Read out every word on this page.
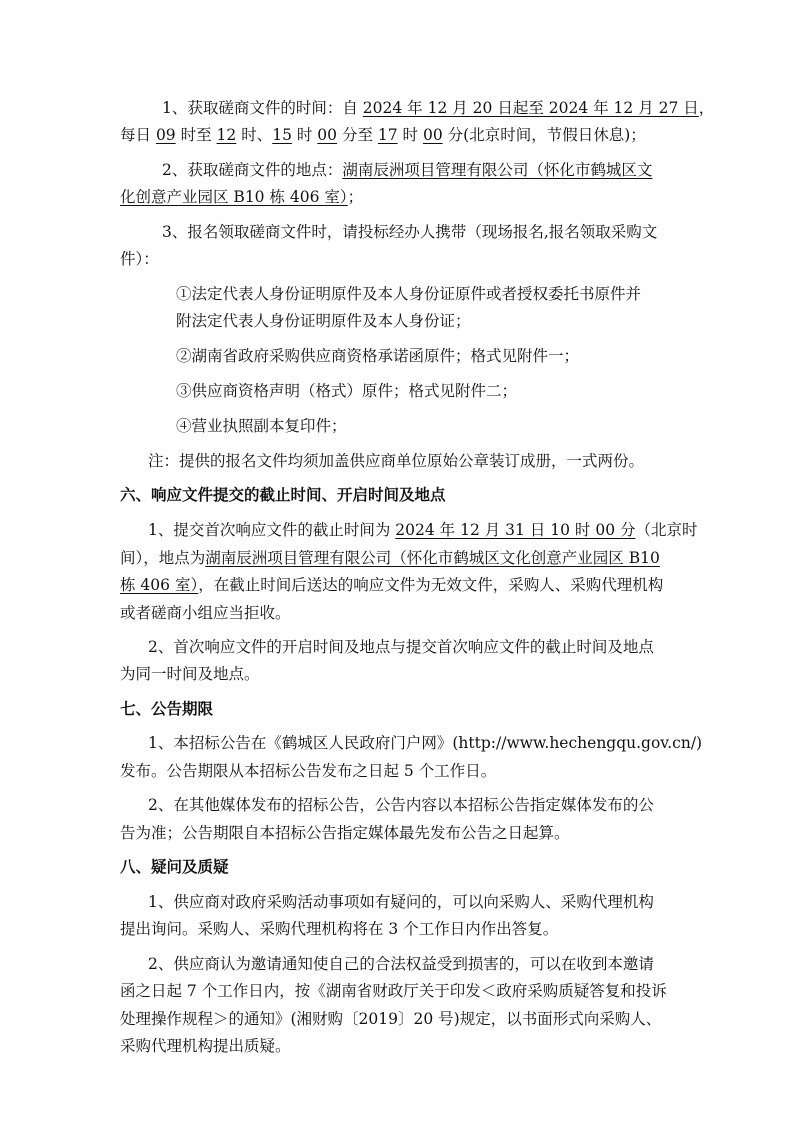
1、获取磋商文件的时间：自 2024 年 12 月 20 日起至 2024 年 12 月 27 日，
每日 09 时至 12 时、15 时 00 分至 17 时 00 分(北京时间，节假日休息)；
2、获取磋商文件的地点：湖南辰洲项目管理有限公司（怀化市鹤城区文
化创意产业园区 B10 栋 406 室）；
3、报名领取磋商文件时，请投标经办人携带（现场报名,报名领取采购文
件）：
①法定代表人身份证明原件及本人身份证原件或者授权委托书原件并
附法定代表人身份证明原件及本人身份证；
②湖南省政府采购供应商资格承诺函原件；格式见附件一；
③供应商资格声明（格式）原件；格式见附件二；
④营业执照副本复印件；
注：提供的报名文件均须加盖供应商单位原始公章装订成册，一式两份。
六、响应文件提交的截止时间、开启时间及地点
1、提交首次响应文件的截止时间为 2024 年 12 月 31 日 10 时 00 分（北京时
间），地点为湖南辰洲项目管理有限公司（怀化市鹤城区文化创意产业园区 B10
栋 406 室），在截止时间后送达的响应文件为无效文件，采购人、采购代理机构
或者磋商小组应当拒收。
2、首次响应文件的开启时间及地点与提交首次响应文件的截止时间及地点
为同一时间及地点。
七、公告期限
1、本招标公告在《鹤城区人民政府门户网》(http://www.hechengqu.gov.cn/)
发布。公告期限从本招标公告发布之日起 5 个工作日。
2、在其他媒体发布的招标公告，公告内容以本招标公告指定媒体发布的公
告为准；公告期限自本招标公告指定媒体最先发布公告之日起算。
八、疑问及质疑
1、供应商对政府采购活动事项如有疑问的，可以向采购人、采购代理机构
提出询问。采购人、采购代理机构将在 3 个工作日内作出答复。
2、供应商认为邀请通知使自己的合法权益受到损害的，可以在收到本邀请
函之日起 7 个工作日内，按《湖南省财政厅关于印发＜政府采购质疑答复和投诉
处理操作规程＞的通知》(湘财购〔2019〕20 号)规定，以书面形式向采购人、
采购代理机构提出质疑。
